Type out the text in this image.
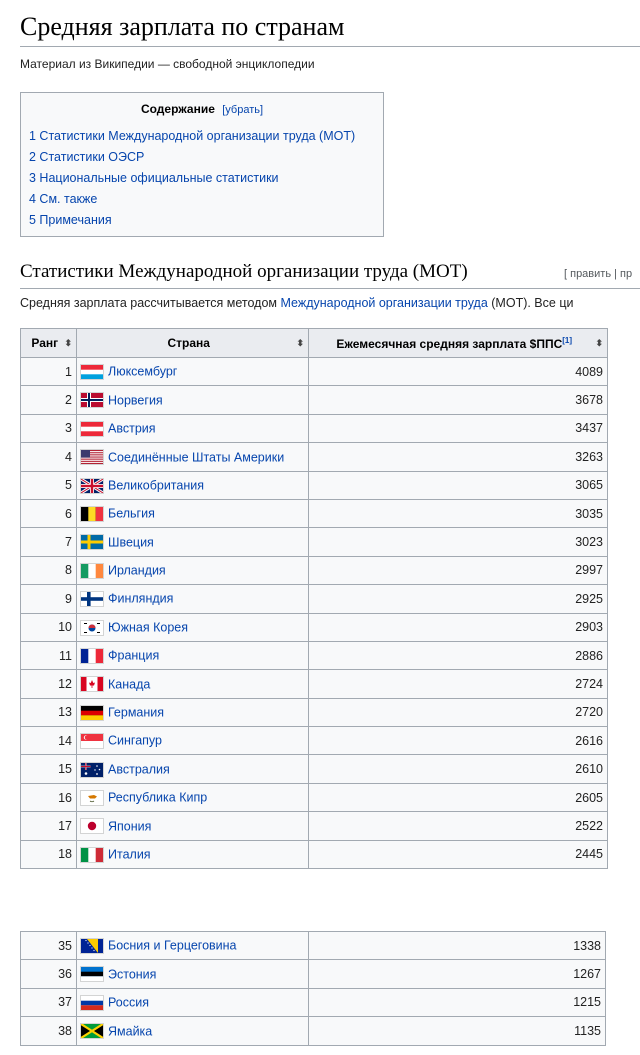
Средняя зарплата по странам
Материал из Википедии — свободной энциклопедии
Содержание [убрать]
1 Статистики Международной организации труда (МОТ)
2 Статистики ОЭСР
3 Национальные официальные статистики
4 См. также
5 Примечания
Статистики Международной организации труда (МОТ)	[ править | пр
Средняя зарплата рассчитывается методом Международной организации труда (МОТ). Все ци
Ранг ⬍	Страна ⬍	Ежемесячная средняя зарплата $ППС[1] ⬍

1	Люксембург	4089
2	Норвегия	3678
3	Австрия	3437
4	Соединённые Штаты Америки	3263
5	Великобритания	3065
6	Бельгия	3035
7	Швеция	3023
8	Ирландия	2997
9	Финляндия	2925
10	Южная Корея	2903
11	Франция	2886
12	Канада	2724
13	Германия	2720
14	Сингапур	2616
15	Австралия	2610
16	Республика Кипр	2605
17	Япония	2522
18	Италия	2445
35	Босния и Герцеговина	1338
36	Эстония	1267
37	Россия	1215
38	Ямайка	1135
